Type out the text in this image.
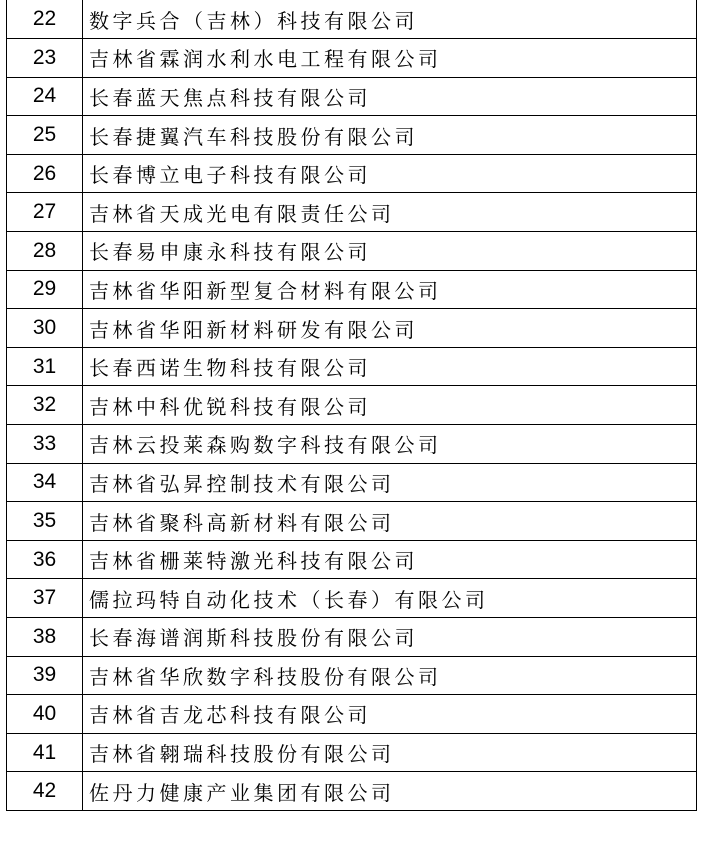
22	数字兵合（吉林）科技有限公司
23	吉林省霖润水利水电工程有限公司
24	长春蓝天焦点科技有限公司
25	长春捷翼汽车科技股份有限公司
26	长春博立电子科技有限公司
27	吉林省天成光电有限责任公司
28	长春易申康永科技有限公司
29	吉林省华阳新型复合材料有限公司
30	吉林省华阳新材料研发有限公司
31	长春西诺生物科技有限公司
32	吉林中科优锐科技有限公司
33	吉林云投莱森购数字科技有限公司
34	吉林省弘昇控制技术有限公司
35	吉林省聚科高新材料有限公司
36	吉林省栅莱特激光科技有限公司
37	儒拉玛特自动化技术（长春）有限公司
38	长春海谱润斯科技股份有限公司
39	吉林省华欣数字科技股份有限公司
40	吉林省吉龙芯科技有限公司
41	吉林省翱瑞科技股份有限公司
42	佐丹力健康产业集团有限公司
